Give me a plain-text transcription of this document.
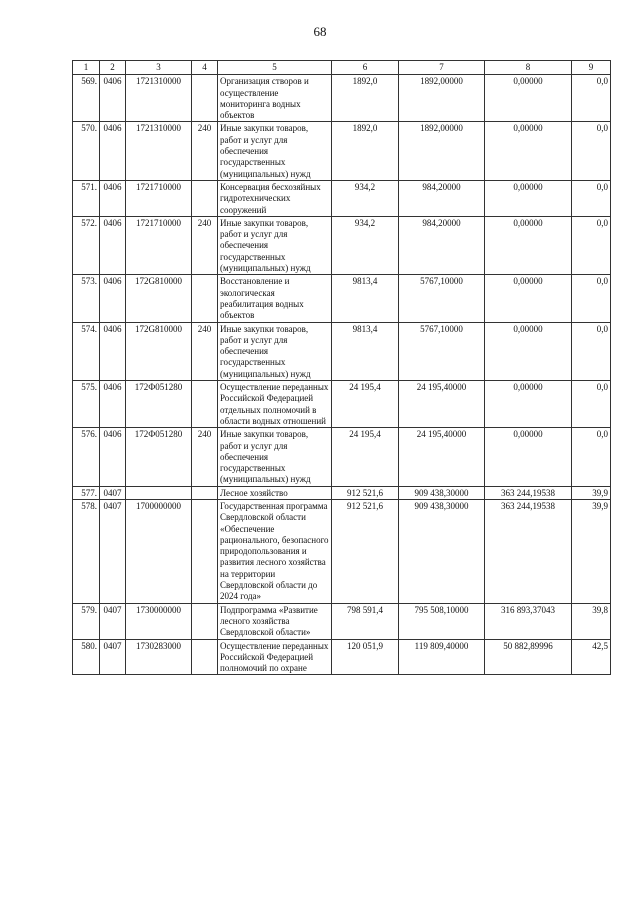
68
1	2	3	4	5	6	7	8	9
569.	0406	1721310000		Организация створов и осуществление мониторинга водных объектов	1892,0	1892,00000	0,00000	0,0
570.	0406	1721310000	240	Иные закупки товаров, работ и услуг для обеспечения государственных (муниципальных) нужд	1892,0	1892,00000	0,00000	0,0
571.	0406	1721710000		Консервация бесхозяйных гидротехнических сооружений	934,2	984,20000	0,00000	0,0
572.	0406	1721710000	240	Иные закупки товаров, работ и услуг для обеспечения государственных (муниципальных) нужд	934,2	984,20000	0,00000	0,0
573.	0406	172G810000		Восстановление и экологическая реабилитация водных объектов	9813,4	5767,10000	0,00000	0,0
574.	0406	172G810000	240	Иные закупки товаров, работ и услуг для обеспечения государственных (муниципальных) нужд	9813,4	5767,10000	0,00000	0,0
575.	0406	172Ф051280		Осуществление переданных Российской Федерацией отдельных полномочий в области водных отношений	24 195,4	24 195,40000	0,00000	0,0
576.	0406	172Ф051280	240	Иные закупки товаров, работ и услуг для обеспечения государственных (муниципальных) нужд	24 195,4	24 195,40000	0,00000	0,0
577.	0407			Лесное хозяйство	912 521,6	909 438,30000	363 244,19538	39,9
578.	0407	1700000000		Государственная программа Свердловской области «Обеспечение рационального, безопасного природопользования и развития лесного хозяйства на территории Свердловской области до 2024 года»	912 521,6	909 438,30000	363 244,19538	39,9
579.	0407	1730000000		Подпрограмма «Развитие лесного хозяйства Свердловской области»	798 591,4	795 508,10000	316 893,37043	39,8
580.	0407	1730283000		Осуществление переданных Российской Федерацией полномочий по охране	120 051,9	119 809,40000	50 882,89996	42,5
